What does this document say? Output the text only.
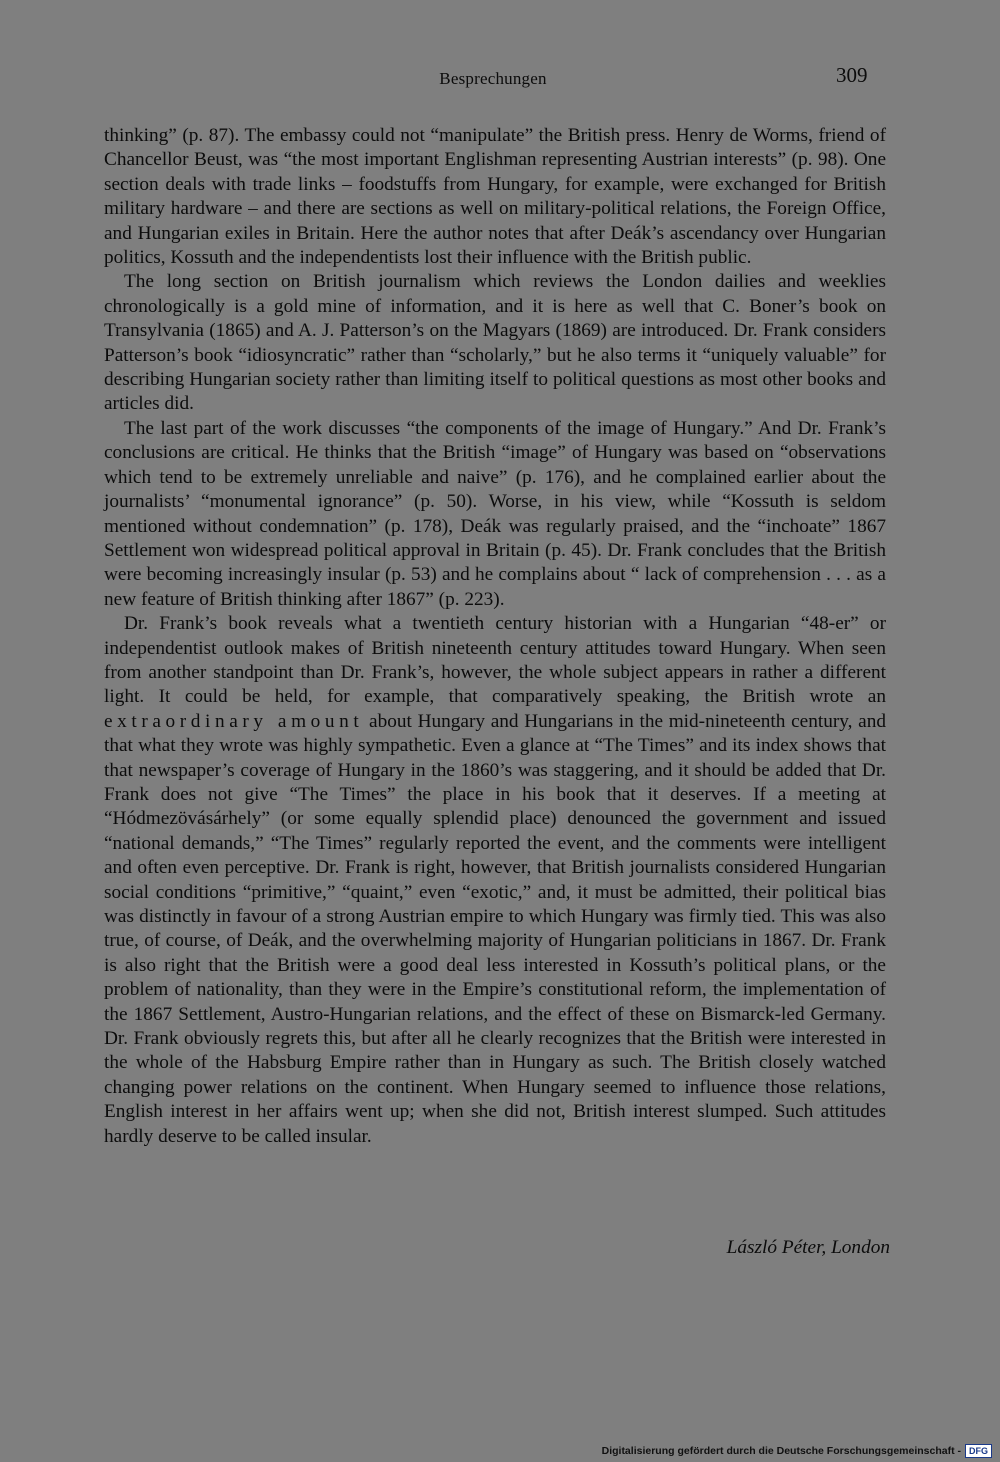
Besprechungen	309

thinking” (p. 87). The embassy could not “manipulate” the British press. Henry de Worms, friend of Chancellor Beust, was “the most important Englishman representing Austrian interests” (p. 98). One section deals with trade links – foodstuffs from Hungary, for example, were exchanged for British military hardware – and there are sections as well on military-political relations, the Foreign Office, and Hungarian exiles in Britain. Here the author notes that after Deák’s ascendancy over Hungarian politics, Kossuth and the independentists lost their influence with the British public.

The long section on British journalism which reviews the London dailies and weeklies chronologically is a gold mine of information, and it is here as well that C. Boner’s book on Transylvania (1865) and A. J. Patterson’s on the Magyars (1869) are introduced. Dr. Frank considers Patterson’s book “idiosyncratic” rather than “scholarly,” but he also terms it “uniquely valuable” for describing Hungarian society rather than limiting itself to political questions as most other books and articles did.

The last part of the work discusses “the components of the image of Hungary.” And Dr. Frank’s conclusions are critical. He thinks that the British “image” of Hungary was based on “observations which tend to be extremely unreliable and naive” (p. 176), and he complained earlier about the journalists’ “monumental ignorance” (p. 50). Worse, in his view, while “Kossuth is seldom mentioned without condemnation” (p. 178), Deák was regularly praised, and the “inchoate” 1867 Settlement won widespread political approval in Britain (p. 45). Dr. Frank concludes that the British were becoming increasingly insular (p. 53) and he complains about “ lack of comprehension . . . as a new feature of British thinking after 1867” (p. 223).

Dr. Frank’s book reveals what a twentieth century historian with a Hungarian “48-er” or independentist outlook makes of British nineteenth century attitudes toward Hungary. When seen from another standpoint than Dr. Frank’s, however, the whole subject appears in rather a different light. It could be held, for example, that comparatively speaking, the British wrote an extraordinary amount about Hungary and Hungarians in the mid-nineteenth century, and that what they wrote was highly sympathetic. Even a glance at “The Times” and its index shows that that newspaper’s coverage of Hungary in the 1860’s was staggering, and it should be added that Dr. Frank does not give “The Times” the place in his book that it deserves. If a meeting at “Hódmezövásárhely” (or some equally splendid place) denounced the government and issued “national demands,” “The Times” regularly reported the event, and the comments were intelligent and often even perceptive. Dr. Frank is right, however, that British journalists considered Hungarian social conditions “primitive,” “quaint,” even “exotic,” and, it must be admitted, their political bias was distinctly in favour of a strong Austrian empire to which Hungary was firmly tied. This was also true, of course, of Deák, and the overwhelming majority of Hungarian politicians in 1867. Dr. Frank is also right that the British were a good deal less interested in Kossuth’s political plans, or the problem of nationality, than they were in the Empire’s constitutional reform, the implementation of the 1867 Settlement, Austro-Hungarian relations, and the effect of these on Bismarck-led Germany. Dr. Frank obviously regrets this, but after all he clearly recognizes that the British were interested in the whole of the Habsburg Empire rather than in Hungary as such. The British closely watched changing power relations on the continent. When Hungary seemed to influence those relations, English interest in her affairs went up; when she did not, British interest slumped. Such attitudes hardly deserve to be called insular.

László Péter, London
Digitalisierung gefördert durch die Deutsche Forschungsgemeinschaft - DFG
